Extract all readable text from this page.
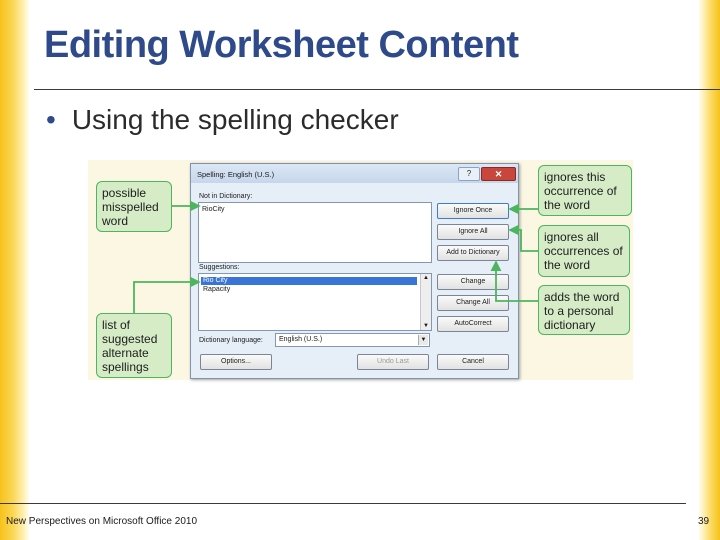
Editing Worksheet Content
• Using the spelling checker
possible misspelled word
list of suggested alternate spellings
ignores this occurrence of the word
ignores all occurrences of the word
adds the word to a personal dictionary
Spelling: English (U.S.)	?	✕
Not in Dictionary:
RioCity
Suggestions:
Rio City
Rapacity
▲
▼
Dictionary language: English (U.S.)	▼
Ignore Once
Ignore All
Add to Dictionary
Change
Change All
AutoCorrect
Options...	Undo Last	Cancel
New Perspectives on Microsoft Office 2010	39
